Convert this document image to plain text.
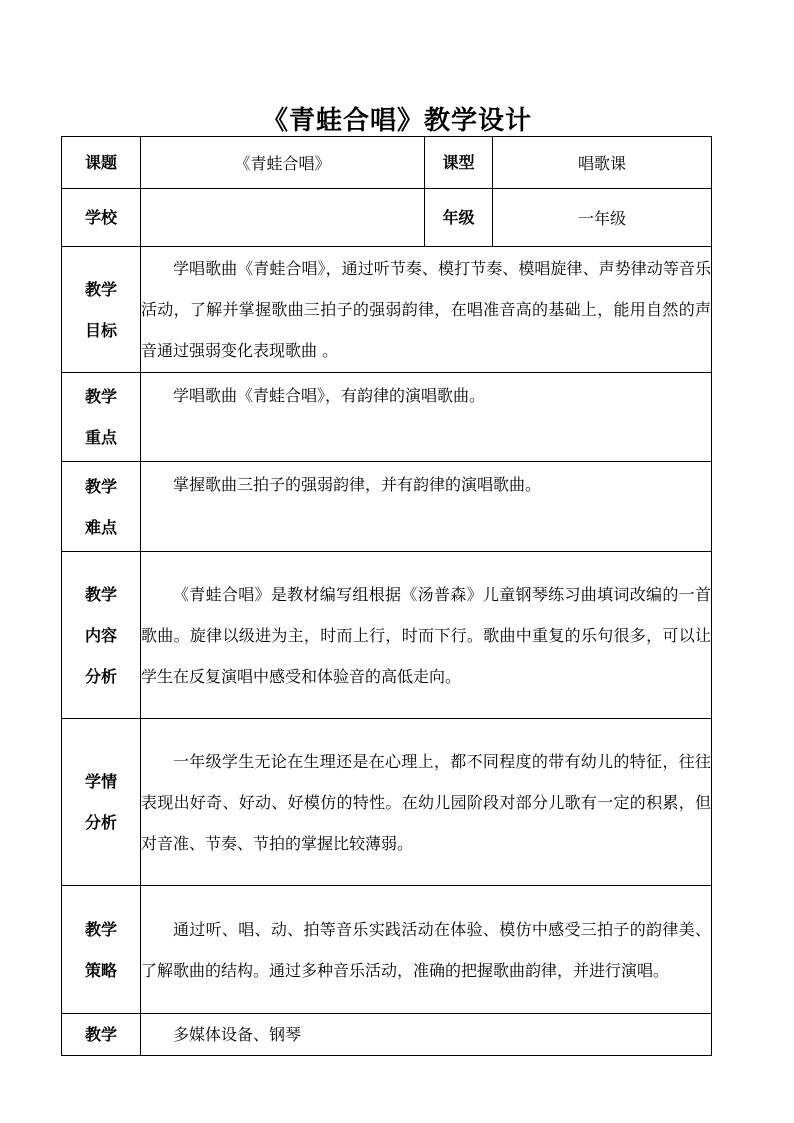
《青蛙合唱》教学设计
课题	《青蛙合唱》	课型	唱歌课
学校		年级	一年级

教学
目标	学唱歌曲《青蛙合唱》，通过听节奏、模打节奏、模唱旋律、声势律动等音乐活动，了解并掌握歌曲三拍子的强弱韵律，在唱准音高的基础上，能用自然的声音通过强弱变化表现歌曲 。		

教学
重点	学唱歌曲《青蛙合唱》，有韵律的演唱歌曲。		

教学
难点	掌握歌曲三拍子的强弱韵律，并有韵律的演唱歌曲。		

教学
内容
分析	《青蛙合唱》是教材编写组根据《汤普森》儿童钢琴练习曲填词改编的一首歌曲。旋律以级进为主，时而上行，时而下行。歌曲中重复的乐句很多，可以让学生在反复演唱中感受和体验音的高低走向。		

学情
分析	一年级学生无论在生理还是在心理上，都不同程度的带有幼儿的特征，往往表现出好奇、好动、好模仿的特性。在幼儿园阶段对部分儿歌有一定的积累，但对音准、节奏、节拍的掌握比较薄弱。		

教学
策略	通过听、唱、动、拍等音乐实践活动在体验、模仿中感受三拍子的韵律美、了解歌曲的结构。通过多种音乐活动，准确的把握歌曲韵律，并进行演唱。		
教学	多媒体设备、钢琴		
